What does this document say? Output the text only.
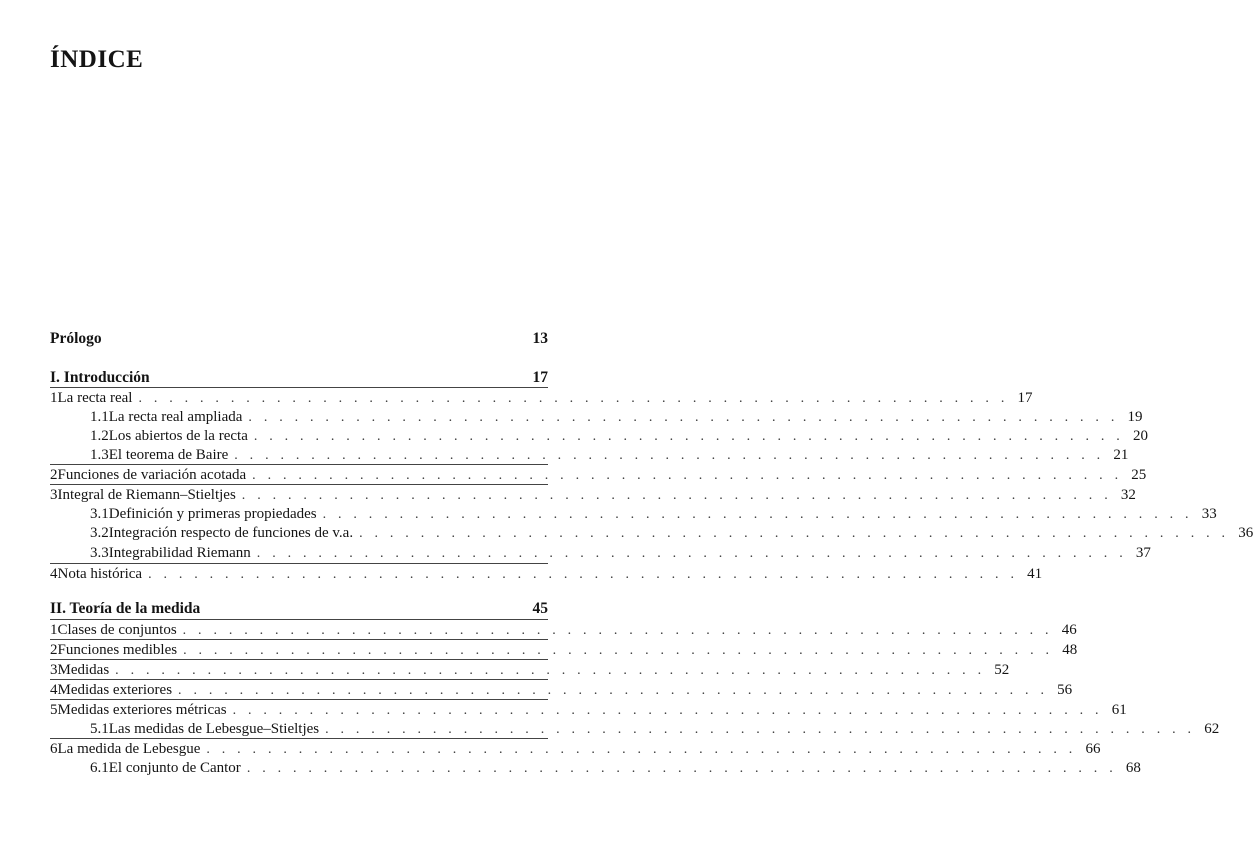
ÍNDICE
Prólogo	13
I. Introducción	17
1 La recta real . . . . . . . . . . . . . . . . . . . . . . . . . . . . . . . . . . . . . . . . . . . . . . . . . . . . . . . . . 17
1.1 La recta real ampliada . . . . . . . . . . . . . . . . . . . . . . . . . . . . . . . . . . . . . . . . . . . . . . . . . . . . . . . . . 19
1.2 Los abiertos de la recta . . . . . . . . . . . . . . . . . . . . . . . . . . . . . . . . . . . . . . . . . . . . . . . . . . . . . . . . . 20
1.3 El teorema de Baire . . . . . . . . . . . . . . . . . . . . . . . . . . . . . . . . . . . . . . . . . . . . . . . . . . . . . . . . . 21
2 Funciones de variación acotada . . . . . . . . . . . . . . . . . . . . . . . . . . . . . . . . . . . . . . . . . . . . . . . . . . . . . . . . . 25
3 Integral de Riemann–Stieltjes . . . . . . . . . . . . . . . . . . . . . . . . . . . . . . . . . . . . . . . . . . . . . . . . . . . . . . . . . 32
3.1 Definición y primeras propiedades . . . . . . . . . . . . . . . . . . . . . . . . . . . . . . . . . . . . . . . . . . . . . . . . . . . . . . . . . 33
3.2 Integración respecto de funciones de v.a. . . . . . . . . . . . . . . . . . . . . . . . . . . . . . . . . . . . . . . . . . . . . . . . . . . . . . . . . . 36
3.3 Integrabilidad Riemann . . . . . . . . . . . . . . . . . . . . . . . . . . . . . . . . . . . . . . . . . . . . . . . . . . . . . . . . . 37
4 Nota histórica . . . . . . . . . . . . . . . . . . . . . . . . . . . . . . . . . . . . . . . . . . . . . . . . . . . . . . . . . 41
II. Teoría de la medida	45
1 Clases de conjuntos . . . . . . . . . . . . . . . . . . . . . . . . . . . . . . . . . . . . . . . . . . . . . . . . . . . . . . . . . 46
2 Funciones medibles . . . . . . . . . . . . . . . . . . . . . . . . . . . . . . . . . . . . . . . . . . . . . . . . . . . . . . . . . 48
3 Medidas . . . . . . . . . . . . . . . . . . . . . . . . . . . . . . . . . . . . . . . . . . . . . . . . . . . . . . . . . 52
4 Medidas exteriores . . . . . . . . . . . . . . . . . . . . . . . . . . . . . . . . . . . . . . . . . . . . . . . . . . . . . . . . . 56
5 Medidas exteriores métricas . . . . . . . . . . . . . . . . . . . . . . . . . . . . . . . . . . . . . . . . . . . . . . . . . . . . . . . . . 61
5.1 Las medidas de Lebesgue–Stieltjes . . . . . . . . . . . . . . . . . . . . . . . . . . . . . . . . . . . . . . . . . . . . . . . . . . . . . . . . . 62
6 La medida de Lebesgue . . . . . . . . . . . . . . . . . . . . . . . . . . . . . . . . . . . . . . . . . . . . . . . . . . . . . . . . . 66
6.1 El conjunto de Cantor . . . . . . . . . . . . . . . . . . . . . . . . . . . . . . . . . . . . . . . . . . . . . . . . . . . . . . . . . 68
